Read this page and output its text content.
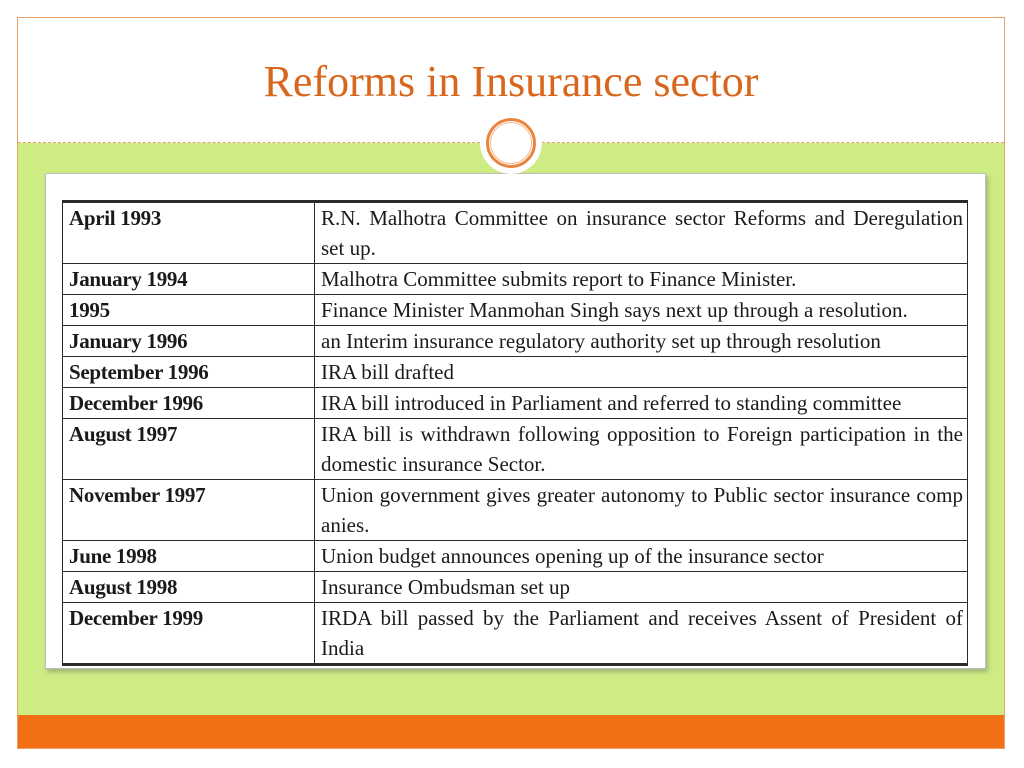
Reforms in Insurance sector
April 1993	R.N. Malhotra Committee on insurance sector Reforms and Deregulation set up.
January 1994	Malhotra Committee submits report to Finance Minister.
1995	Finance Minister Manmohan Singh says next up through a resolution.
January 1996	an Interim insurance regulatory authority set up through resolution
September 1996	IRA bill drafted
December 1996	IRA bill introduced in Parliament and referred to standing committee
August 1997	IRA bill is withdrawn following opposition to Foreign participation in the domestic insurance Sector.
November 1997	Union government gives greater autonomy to Public sector insurance comp anies.
June 1998	Union budget announces opening up of the insurance sector
August 1998	Insurance Ombudsman set up
December 1999	IRDA bill passed by the Parliament and receives Assent of President of India
